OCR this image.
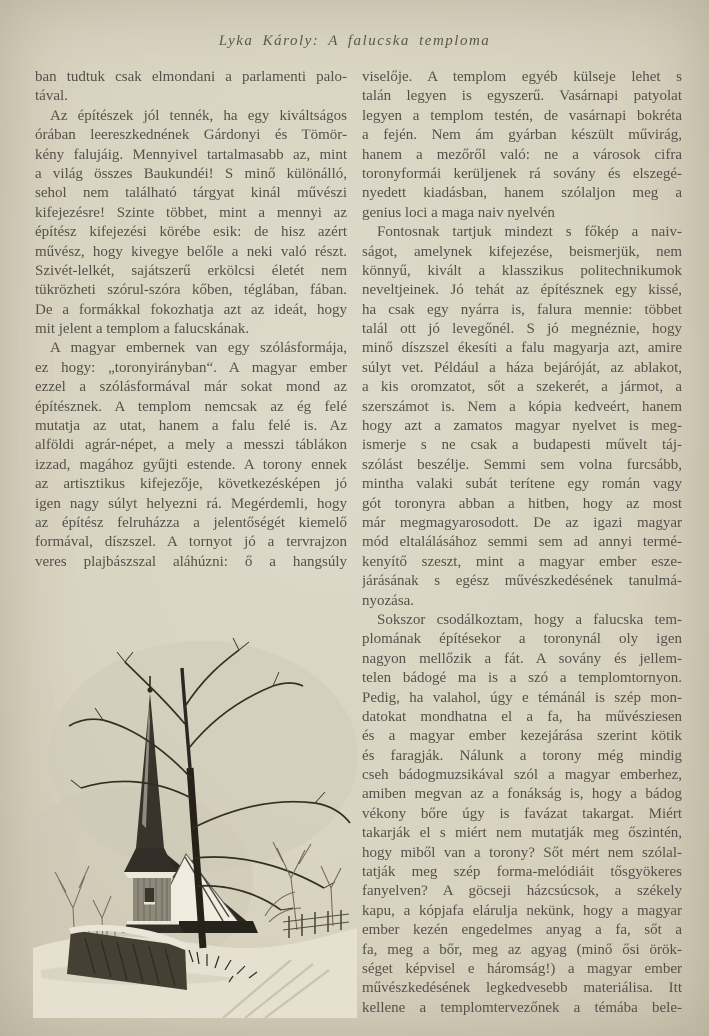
Lyka Károly: A falucska temploma
ban tudtuk csak elmondani a parlamenti palo-
tával.
Az építészek jól tennék, ha egy kiváltságos
órában leereszkednének Gárdonyi és Tömör-
kény falujáig. Mennyivel tartalmasabb az, mint
a világ összes Baukundéi! S minő különálló,
sehol nem található tárgyat kinál művészi
kifejezésre! Szinte többet, mint a mennyi az
építész kifejezési körébe esik: de hisz azért
művész, hogy kivegye belőle a neki való részt.
Szivét-lelkét, sajátszerű erkölcsi életét nem
tükrözheti szórul-szóra kőben, téglában, fában.
De a formákkal fokozhatja azt az ideát, hogy
mit jelent a templom a falucskának.
A magyar embernek van egy szólásformája,
ez hogy: „toronyirányban“. A magyar ember
ezzel a szólásformával már sokat mond az
építésznek. A templom nemcsak az ég felé
mutatja az utat, hanem a falu felé is. Az
alföldi agrár-népet, a mely a messzi táblákon
izzad, magához gyűjti estende. A torony ennek
az artisztikus kifejezője, következésképen jó
igen nagy súlyt helyezni rá. Megérdemli, hogy
az építész felruházza a jelentőségét kiemelő
formával, díszszel. A tornyot jó a tervrajzon
veres plajbászszal aláhúzni: ő a hangsúly
viselője. A templom egyéb külseje lehet s
talán legyen is egyszerű. Vasárnapi patyolat
legyen a templom testén, de vasárnapi bokréta
a fején. Nem ám gyárban készült művirág,
hanem a mezőről való: ne a városok cifra
toronyformái kerüljenek rá sovány és elszegé-
nyedett kiadásban, hanem szólaljon meg a
genius loci a maga naiv nyelvén
Fontosnak tartjuk mindezt s főkép a naiv-
ságot, amelynek kifejezése, beismerjük, nem
könnyű, kivált a klasszikus politechnikumok
neveltjeinek. Jó tehát az építésznek egy kissé,
ha csak egy nyárra is, falura mennie: többet
talál ott jó levegőnél. S jó megnéznie, hogy
minő díszszel ékesíti a falu magyarja azt, amire
súlyt vet. Például a háza bejáróját, az ablakot,
a kis oromzatot, sőt a szekerét, a jármot, a
szerszámot is. Nem a kópia kedveért, hanem
hogy azt a zamatos magyar nyelvet is meg-
ismerje s ne csak a budapesti művelt táj-
szólást beszélje. Semmi sem volna furcsább,
mintha valaki subát terítene egy román vagy
gót toronyra abban a hitben, hogy az most
már megmagyarosodott. De az igazi magyar
mód eltalálásához semmi sem ad annyi termé-
kenyítő szeszt, mint a magyar ember esze-
járásának s egész művészkedésének tanulmá-
nyozása.
Sokszor csodálkoztam, hogy a falucska tem-
plomának építésekor a toronynál oly igen
nagyon mellőzik a fát. A sovány és jellem-
telen bádogé ma is a szó a templomtornyon.
Pedig, ha valahol, úgy e témánál is szép mon-
datokat mondhatna el a fa, ha művésziesen
és a magyar ember kezejárása szerint kötik
és faragják. Nálunk a torony még mindig
cseh bádogmuzsikával szól a magyar emberhez,
amiben megvan az a fonákság is, hogy a bádog
vékony bőre úgy is favázat takargat. Miért
takarják el s miért nem mutatják meg őszintén,
hogy miből van a torony? Sőt mért nem szólal-
tatják meg szép forma-melódiáit tősgyökeres
fanyelven? A göcseji házcsúcsok, a székely
kapu, a kópjafa elárulja nekünk, hogy a magyar
ember kezén engedelmes anyag a fa, sőt a
fa, meg a bőr, meg az agyag (minő ősi örök-
séget képvisel e háromság!) a magyar ember
művészkedésének legkedvesebb materiálisa. Itt
kellene a templomtervezőnek a témába bele-
